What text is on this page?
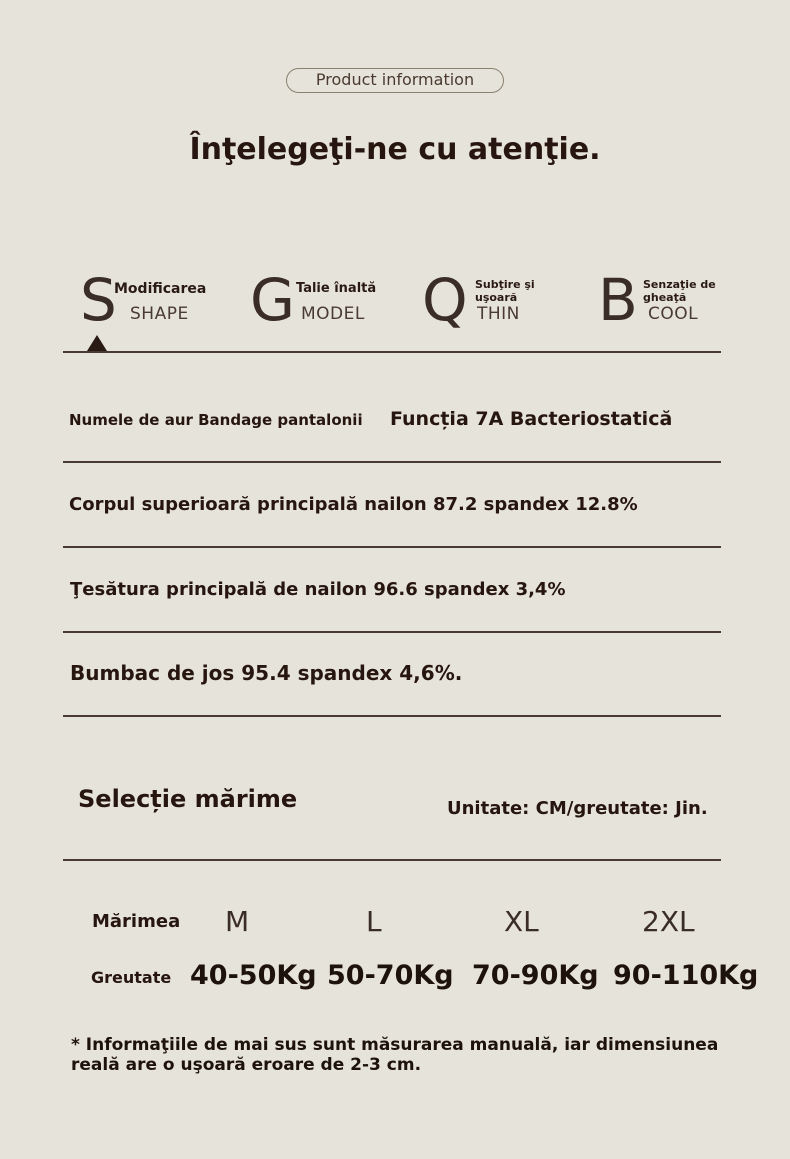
Product information
Înţelegeţi-ne cu atenţie.
S
Modificarea
SHAPE G Talie înaltă
MODEL Q Subţire şi uşoară
THIN B Senzaţie de gheaţă
COOL
Numele de aur Bandage pantalonii Funcția 7A Bacteriostatică
Corpul superioară principală nailon 87.2 spandex 12.8%
Ţesătura principală de nailon 96.6 spandex 3,4%
Bumbac de jos 95.4 spandex 4,6%.
Selecție mărime	Unitate: CM/greutate: Jin.
Mărimea M	L	XL	2XL
Greutate 40-50Kg 50-70Kg 70-90Kg 90-110Kg
* Informaţiile de mai sus sunt măsurarea manuală, iar dimensiunea reală are o uşoară eroare de 2-3 cm.
